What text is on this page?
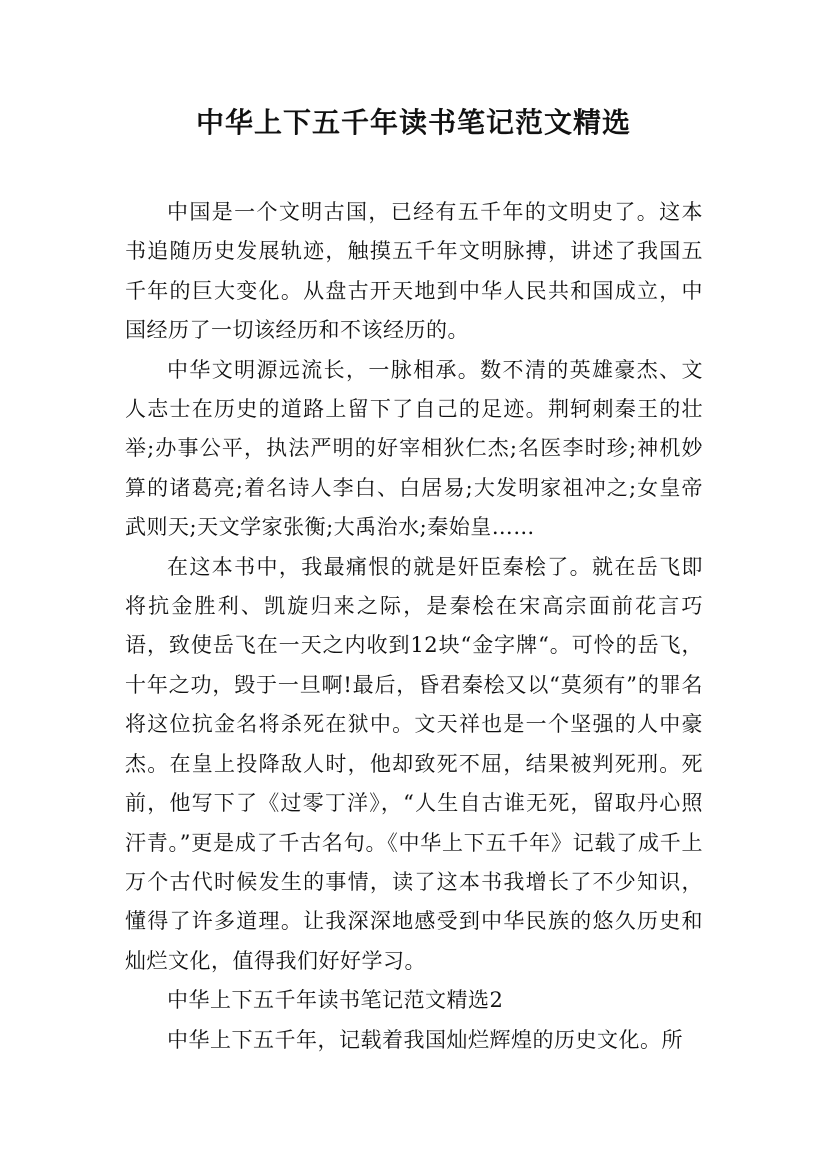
中华上下五千年读书笔记范文精选

中国是一个文明古国，已经有五千年的文明史了。这本书追随历史发展轨迹，触摸五千年文明脉搏，讲述了我国五千年的巨大变化。从盘古开天地到中华人民共和国成立，中国经历了一切该经历和不该经历的。

中华文明源远流长，一脉相承。数不清的英雄豪杰、文人志士在历史的道路上留下了自己的足迹。荆轲刺秦王的壮举;办事公平，执法严明的好宰相狄仁杰;名医李时珍;神机妙算的诸葛亮;着名诗人李白、白居易;大发明家祖冲之;女皇帝武则天;天文学家张衡;大禹治水;秦始皇……

在这本书中，我最痛恨的就是奸臣秦桧了。就在岳飞即将抗金胜利、凯旋归来之际，是秦桧在宋高宗面前花言巧语，致使岳飞在一天之内收到12块“金字牌“。可怜的岳飞，十年之功，毁于一旦啊!最后，昏君秦桧又以“莫须有”的罪名将这位抗金名将杀死在狱中。文天祥也是一个坚强的人中豪杰。在皇上投降敌人时，他却致死不屈，结果被判死刑。死前，他写下了《过零丁洋》，“人生自古谁无死，留取丹心照汗青。”更是成了千古名句。《中华上下五千年》记载了成千上万个古代时候发生的事情，读了这本书我增长了不少知识，懂得了许多道理。让我深深地感受到中华民族的悠久历史和灿烂文化，值得我们好好学习。

中华上下五千年读书笔记范文精选2

中华上下五千年，记载着我国灿烂辉煌的历史文化。所
